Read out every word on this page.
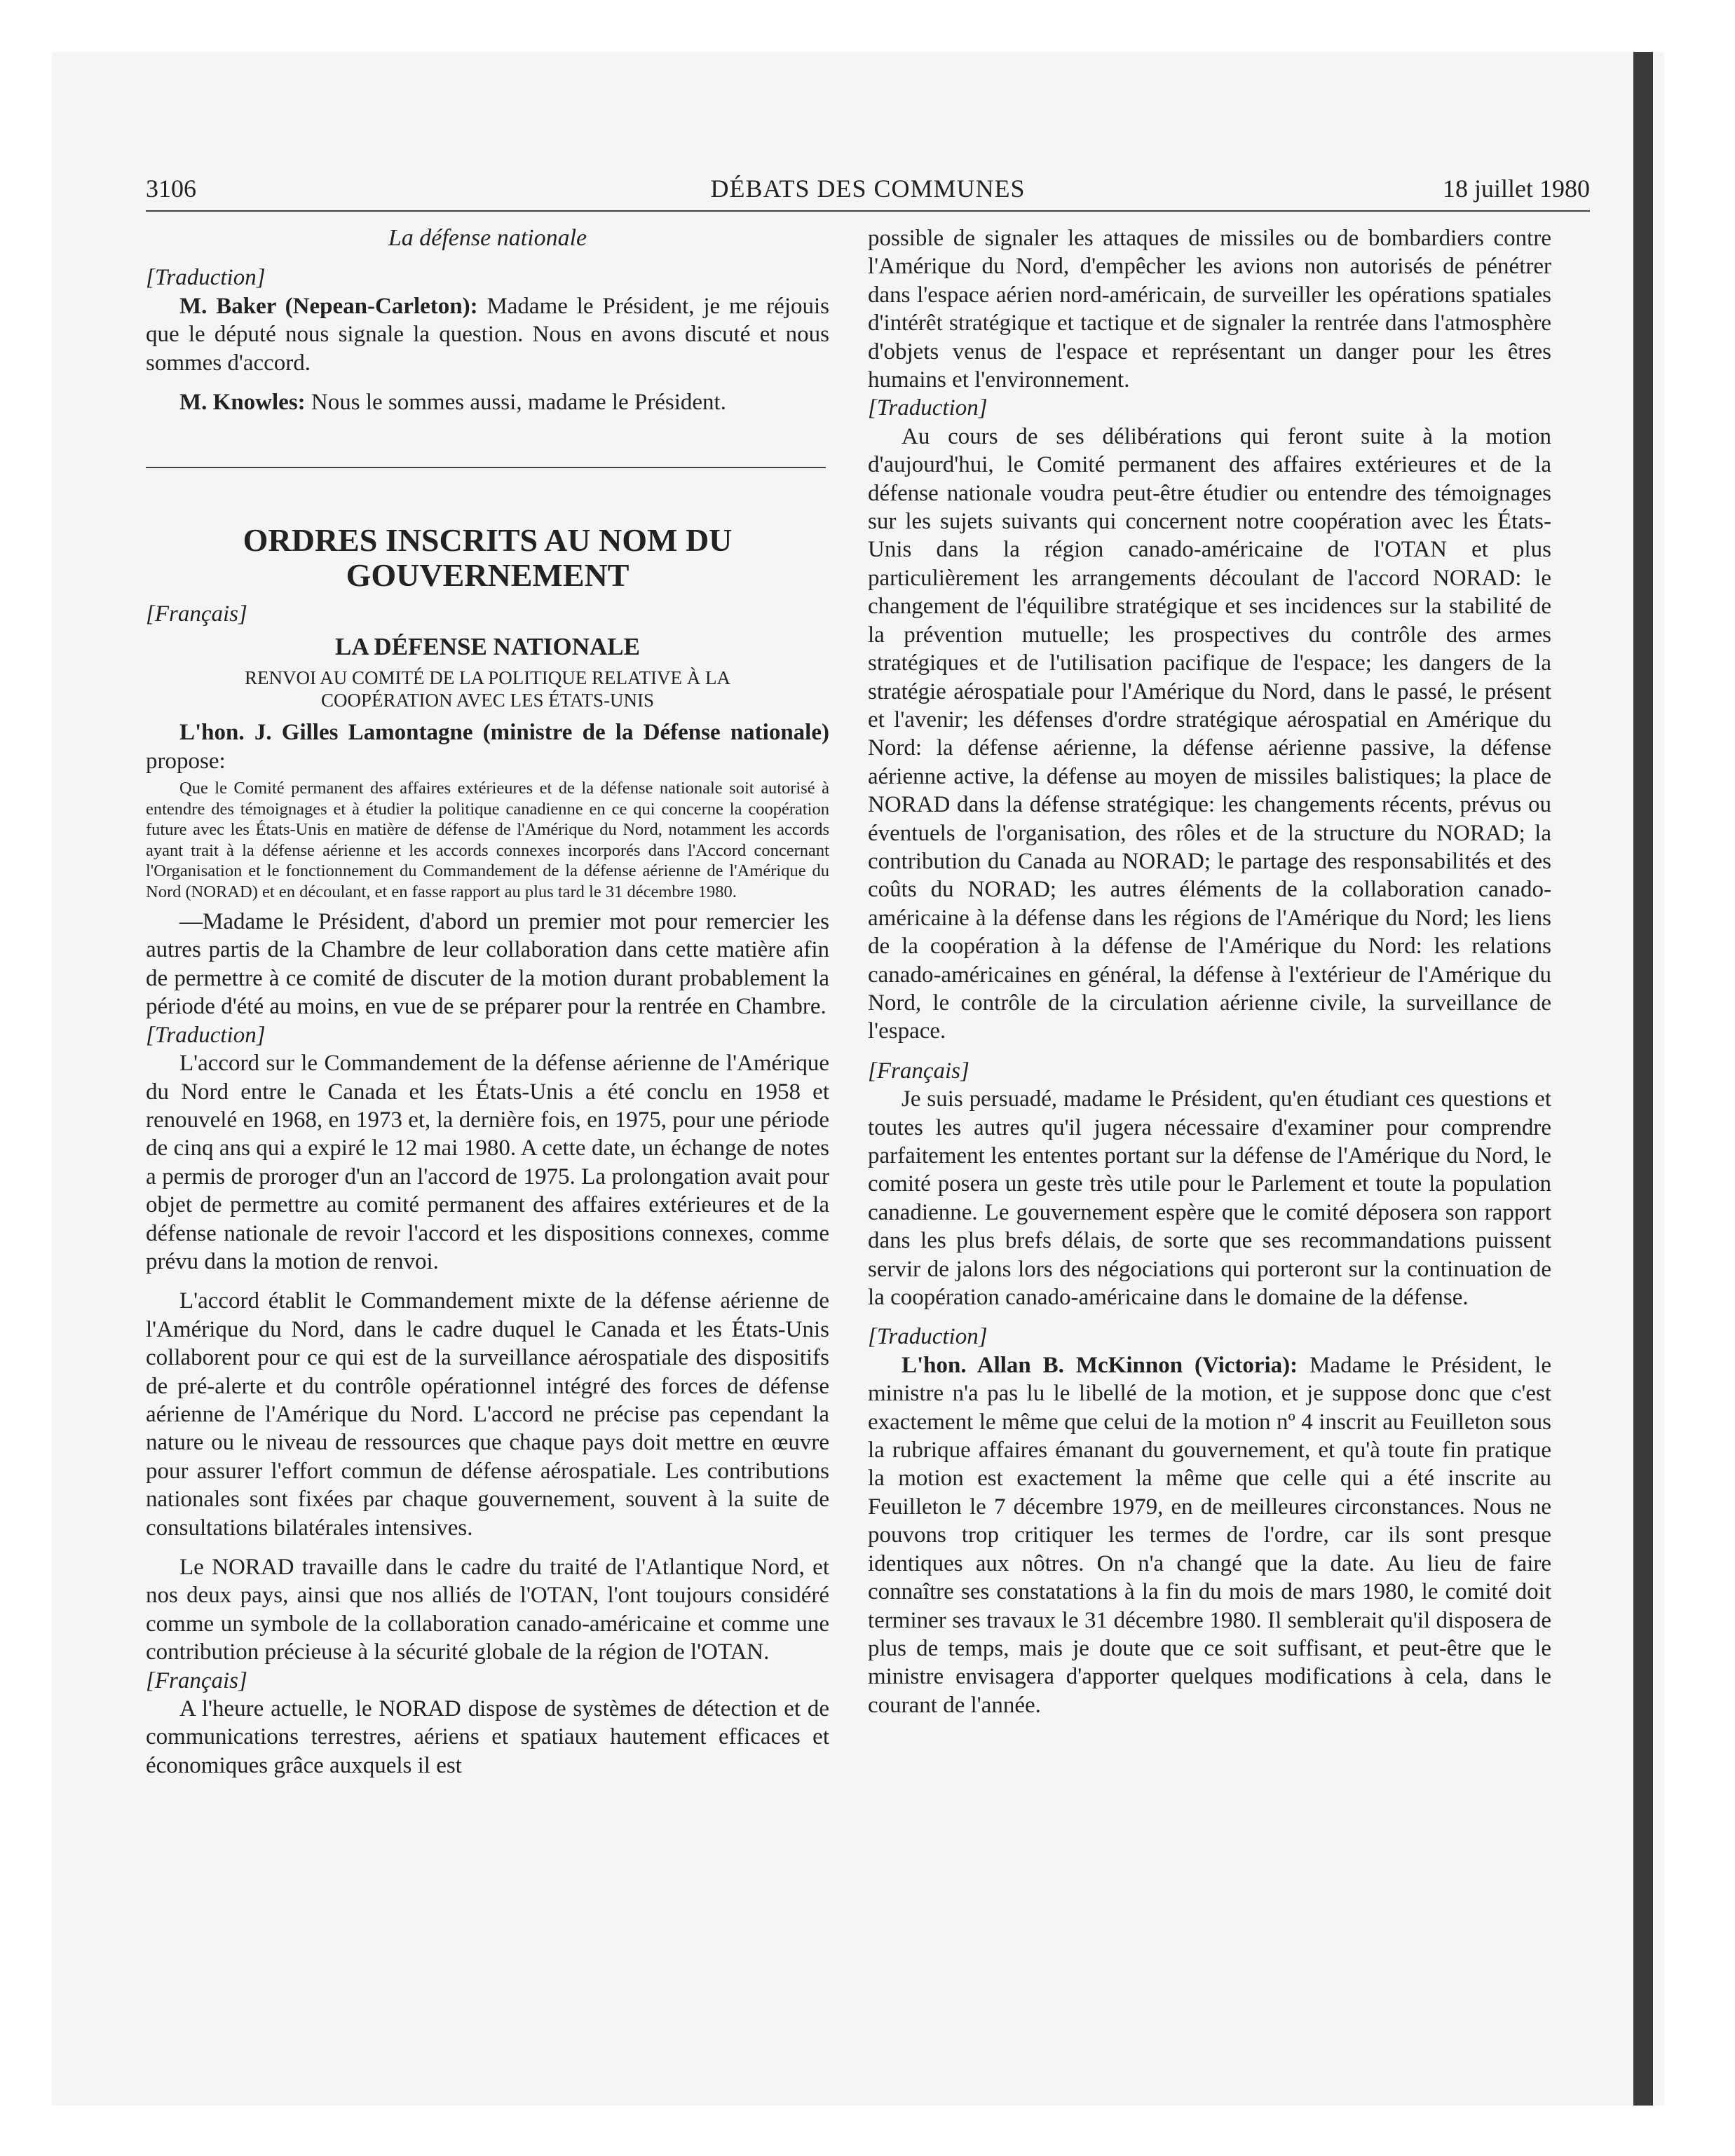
3106	DÉBATS DES COMMUNES	18 juillet 1980

La défense nationale

[Traduction]

M. Baker (Nepean-Carleton): Madame le Président, je me réjouis que le député nous signale la question. Nous en avons discuté et nous sommes d'accord.

M. Knowles: Nous le sommes aussi, madame le Président.

ORDRES INSCRITS AU NOM DU GOUVERNEMENT

[Français]

LA DÉFENSE NATIONALE

RENVOI AU COMITÉ DE LA POLITIQUE RELATIVE À LA
COOPÉRATION AVEC LES ÉTATS-UNIS

L'hon. J. Gilles Lamontagne (ministre de la Défense nationale) propose:

Que le Comité permanent des affaires extérieures et de la défense nationale soit autorisé à entendre des témoignages et à étudier la politique canadienne en ce qui concerne la coopération future avec les États-Unis en matière de défense de l'Amérique du Nord, notamment les accords ayant trait à la défense aérienne et les accords connexes incorporés dans l'Accord concernant l'Organisation et le fonctionnement du Commandement de la défense aérienne de l'Amérique du Nord (NORAD) et en découlant, et en fasse rapport au plus tard le 31 décembre 1980.

—Madame le Président, d'abord un premier mot pour remercier les autres partis de la Chambre de leur collaboration dans cette matière afin de permettre à ce comité de discuter de la motion durant probablement la période d'été au moins, en vue de se préparer pour la rentrée en Chambre.

[Traduction]

L'accord sur le Commandement de la défense aérienne de l'Amérique du Nord entre le Canada et les États-Unis a été conclu en 1958 et renouvelé en 1968, en 1973 et, la dernière fois, en 1975, pour une période de cinq ans qui a expiré le 12 mai 1980. A cette date, un échange de notes a permis de proroger d'un an l'accord de 1975. La prolongation avait pour objet de permettre au comité permanent des affaires extérieures et de la défense nationale de revoir l'accord et les dispositions connexes, comme prévu dans la motion de renvoi.

L'accord établit le Commandement mixte de la défense aérienne de l'Amérique du Nord, dans le cadre duquel le Canada et les États-Unis collaborent pour ce qui est de la surveillance aérospatiale des dispositifs de pré-alerte et du contrôle opérationnel intégré des forces de défense aérienne de l'Amérique du Nord. L'accord ne précise pas cependant la nature ou le niveau de ressources que chaque pays doit mettre en œuvre pour assurer l'effort commun de défense aérospatiale. Les contributions nationales sont fixées par chaque gouvernement, souvent à la suite de consultations bilatérales intensives.

Le NORAD travaille dans le cadre du traité de l'Atlantique Nord, et nos deux pays, ainsi que nos alliés de l'OTAN, l'ont toujours considéré comme un symbole de la collaboration canado-américaine et comme une contribution précieuse à la sécurité globale de la région de l'OTAN.

[Français]

A l'heure actuelle, le NORAD dispose de systèmes de détection et de communications terrestres, aériens et spatiaux hautement efficaces et économiques grâce auxquels il est

possible de signaler les attaques de missiles ou de bombardiers contre l'Amérique du Nord, d'empêcher les avions non autorisés de pénétrer dans l'espace aérien nord-américain, de surveiller les opérations spatiales d'intérêt stratégique et tactique et de signaler la rentrée dans l'atmosphère d'objets venus de l'espace et représentant un danger pour les êtres humains et l'environnement.

[Traduction]

Au cours de ses délibérations qui feront suite à la motion d'aujourd'hui, le Comité permanent des affaires extérieures et de la défense nationale voudra peut-être étudier ou entendre des témoignages sur les sujets suivants qui concernent notre coopération avec les États-Unis dans la région canado-américaine de l'OTAN et plus particulièrement les arrangements découlant de l'accord NORAD: le changement de l'équilibre stratégique et ses incidences sur la stabilité de la prévention mutuelle; les prospectives du contrôle des armes stratégiques et de l'utilisation pacifique de l'espace; les dangers de la stratégie aérospatiale pour l'Amérique du Nord, dans le passé, le présent et l'avenir; les défenses d'ordre stratégique aérospatial en Amérique du Nord: la défense aérienne, la défense aérienne passive, la défense aérienne active, la défense au moyen de missiles balistiques; la place de NORAD dans la défense stratégique: les changements récents, prévus ou éventuels de l'organisation, des rôles et de la structure du NORAD; la contribution du Canada au NORAD; le partage des responsabilités et des coûts du NORAD; les autres éléments de la collaboration canado-américaine à la défense dans les régions de l'Amérique du Nord; les liens de la coopération à la défense de l'Amérique du Nord: les relations canado-américaines en général, la défense à l'extérieur de l'Amérique du Nord, le contrôle de la circulation aérienne civile, la surveillance de l'espace.

[Français]

Je suis persuadé, madame le Président, qu'en étudiant ces questions et toutes les autres qu'il jugera nécessaire d'examiner pour comprendre parfaitement les ententes portant sur la défense de l'Amérique du Nord, le comité posera un geste très utile pour le Parlement et toute la population canadienne. Le gouvernement espère que le comité déposera son rapport dans les plus brefs délais, de sorte que ses recommandations puissent servir de jalons lors des négociations qui porteront sur la continuation de la coopération canado-américaine dans le domaine de la défense.

[Traduction]

L'hon. Allan B. McKinnon (Victoria): Madame le Président, le ministre n'a pas lu le libellé de la motion, et je suppose donc que c'est exactement le même que celui de la motion nº 4 inscrit au Feuilleton sous la rubrique affaires émanant du gouvernement, et qu'à toute fin pratique la motion est exactement la même que celle qui a été inscrite au Feuilleton le 7 décembre 1979, en de meilleures circonstances. Nous ne pouvons trop critiquer les termes de l'ordre, car ils sont presque identiques aux nôtres. On n'a changé que la date. Au lieu de faire connaître ses constatations à la fin du mois de mars 1980, le comité doit terminer ses travaux le 31 décembre 1980. Il semblerait qu'il disposera de plus de temps, mais je doute que ce soit suffisant, et peut-être que le ministre envisagera d'apporter quelques modifications à cela, dans le courant de l'année.
